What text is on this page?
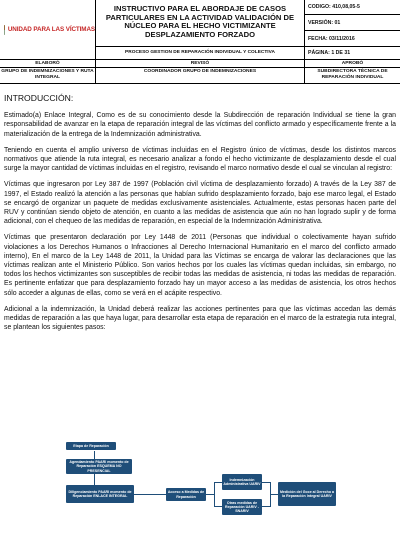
UNIDAD PARA LAS VÍCTIMAS
INSTRUCTIVO PARA EL ABORDAJE DE CASOS PARTICULARES EN LA ACTIVIDAD VALIDACIÓN DE NÚCLEO PARA EL HECHO VICTIMIZANTE DESPLAZAMIENTO FORZADO
PROCESO GESTION DE REPARACIÓN INDIVIDUAL Y COLECTIVA
CODIGO: 410,08,05-5
VERSIÓN: 01
FECHA: 03/11/2016
PÁGINA: 1 DE 31
ELABORÓ
GRUPO DE INDEMNIZACIONES Y RUTA INTEGRAL
REVISÓ
COORDINADOR GRUPO DE INDEMNIZACIONES
APROBÓ
SUBDIRECTORA TÉCNICA DE REPARACIÓN INDIVIDUAL
INTRODUCCIÓN:

Estimado(a) Enlace Integral, Como es de su conocimiento desde la Subdirección de reparación Individual se tiene la gran responsabilidad de avanzar en la etapa de reparación integral de las víctimas del conflicto armado y específicamente frente a la materialización de la entrega de la Indemnización administrativa.

Teniendo en cuenta el amplio universo de víctimas incluidas en el Registro único de víctimas, desde los distintos marcos normativos que atiende la ruta integral, es necesario analizar a fondo el hecho victimizante de desplazamiento desde el cual surge la mayor cantidad de víctimas incluidas en el registro, revisando el marco normativo desde el cual se vinculan al registro:

Víctimas que ingresaron por Ley 387 de 1997 (Población civil víctima de desplazamiento forzado) A través de la Ley 387 de 1997, el Estado realizó la atención a las personas que habían sufrido desplazamiento forzado, bajo ese marco legal, el Estado se encargó de organizar un paquete de medidas exclusivamente asistenciales. Actualmente, estas personas hacen parte del RUV y continúan siendo objeto de atención, en cuanto a las medidas de asistencia que aún no han logrado suplir y de forma adicional, con el chequeo de las medidas de reparación, en especial de la Indemnización Administrativa.

Víctimas que presentaron declaración por Ley 1448 de 2011 (Personas que individual o colectivamente hayan sufrido violaciones a los Derechos Humanos o Infracciones al Derecho Internacional Humanitario en el marco del conflicto armado interno), En el marco de la Ley 1448 de 2011, la Unidad para las Víctimas se encarga de valorar las declaraciones que las víctimas realizan ante el Ministerio Público. Son varios hechos por los cuales las víctimas quedan incluidas, sin embargo, no todos los hechos victimizantes son susceptibles de recibir todas las medidas de asistencia, ni todas las medidas de reparación. Es pertinente enfatizar que para desplazamiento forzado hay un mayor acceso a las medidas de asistencia, los otros hechos sólo acceder a algunas de ellas, como se verá en el acápite respectivo.

Adicional a la indemnización, la Unidad deberá realizar las acciones pertinentes para que las víctimas accedan las demás medidas de reparación a las que haya lugar, para desarrollar esta etapa de reparación en el marco de la estrategia ruta integral, se plantean los siguientes pasos:

Etapa de Reparación
Agendamiento PAARI momento de Reparación ESQUEMA NO PRESENCIAL
Diligenciamiento PAARI momento de Reparación ENLACE INTEGRAL
Acceso a Medidas de Reparación
Indemnización Administrativa UARIV
Otras medidas de Reparación UARIV - SNARIV
Medición del Goce al Derecho a la Reparación Integral UARIV
